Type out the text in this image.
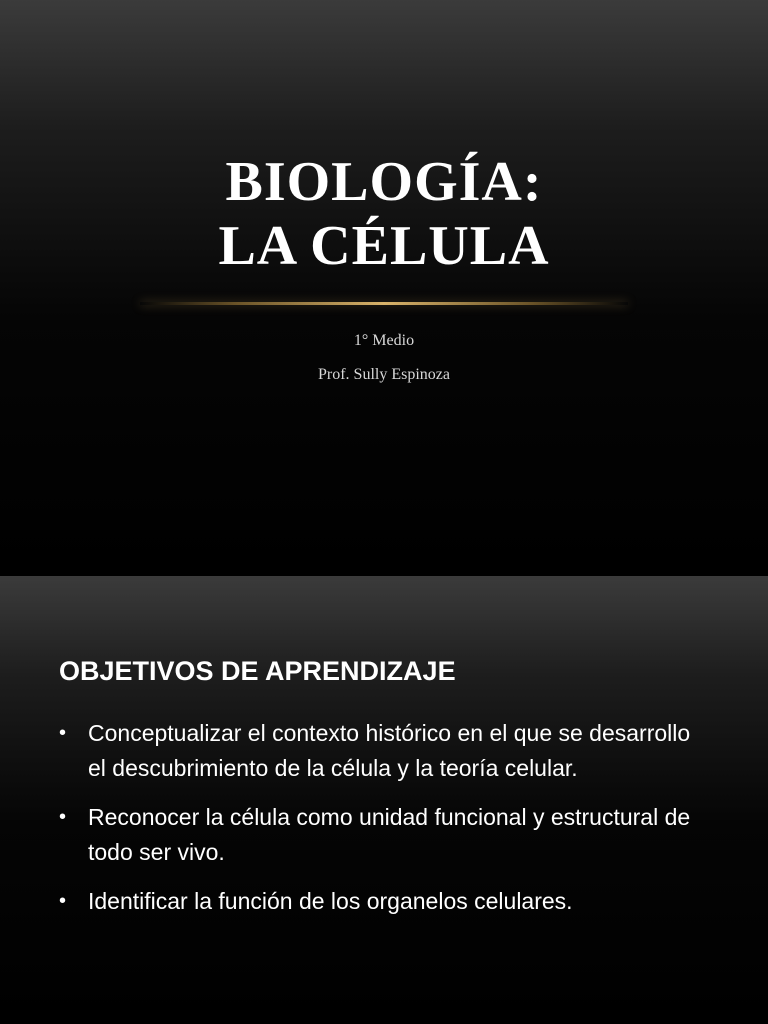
BIOLOGÍA:
LA CÉLULA

1° Medio

Prof. Sully Espinoza

OBJETIVOS DE APRENDIZAJE
• Conceptualizar el contexto histórico en el que se desarrollo el descubrimiento de la célula y la teoría celular.
• Reconocer la célula como unidad funcional y estructural de todo ser vivo.
• Identificar la función de los organelos celulares.
